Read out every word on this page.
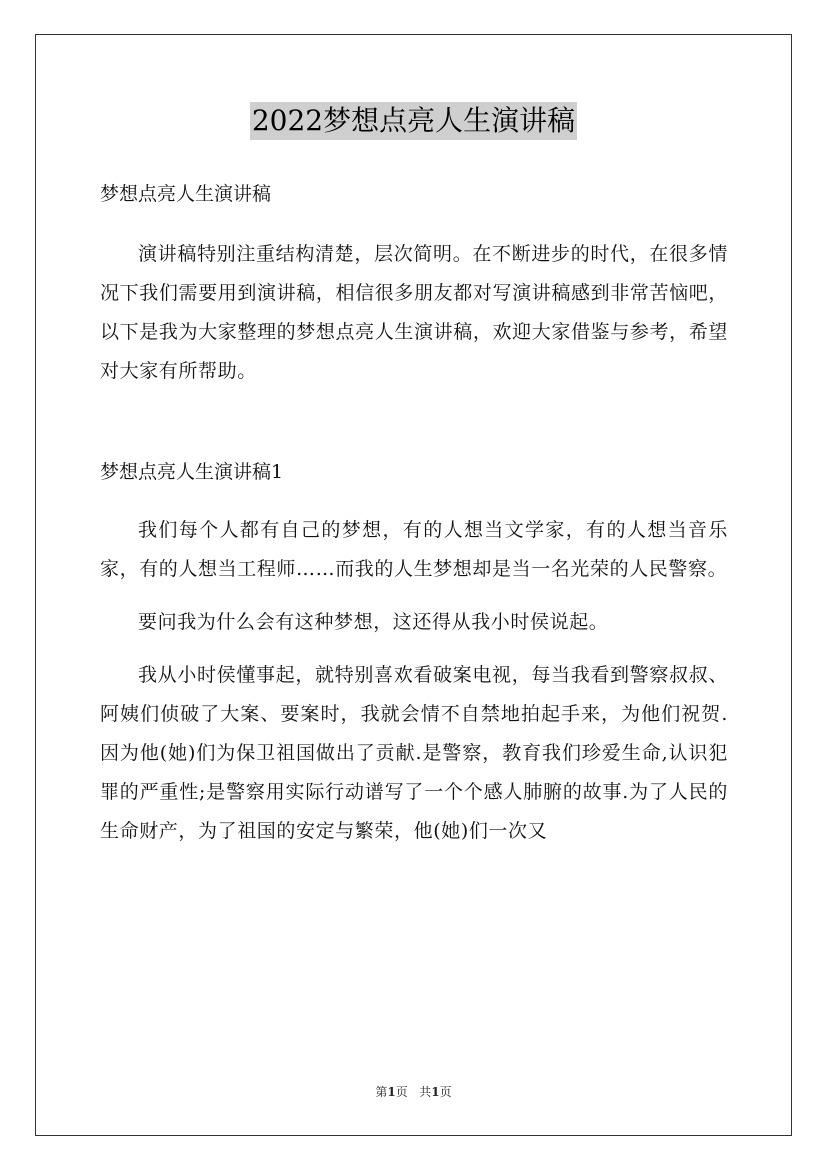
2022梦想点亮人生演讲稿

梦想点亮人生演讲稿

演讲稿特别注重结构清楚，层次简明。在不断进步的时代，在很多情况下我们需要用到演讲稿，相信很多朋友都对写演讲稿感到非常苦恼吧，以下是我为大家整理的梦想点亮人生演讲稿，欢迎大家借鉴与参考，希望对大家有所帮助。

梦想点亮人生演讲稿1

我们每个人都有自己的梦想，有的人想当文学家，有的人想当音乐家，有的人想当工程师……而我的人生梦想却是当一名光荣的人民警察。

要问我为什么会有这种梦想，这还得从我小时侯说起。

我从小时侯懂事起，就特别喜欢看破案电视，每当我看到警察叔叔、阿姨们侦破了大案、要案时，我就会情不自禁地拍起手来，为他们祝贺.因为他(她)们为保卫祖国做出了贡献.是警察，教育我们珍爱生命,认识犯罪的严重性;是警察用实际行动谱写了一个个感人肺腑的故事.为了人民的生命财产，为了祖国的安定与繁荣，他(她)们一次又

第1页 共1页
